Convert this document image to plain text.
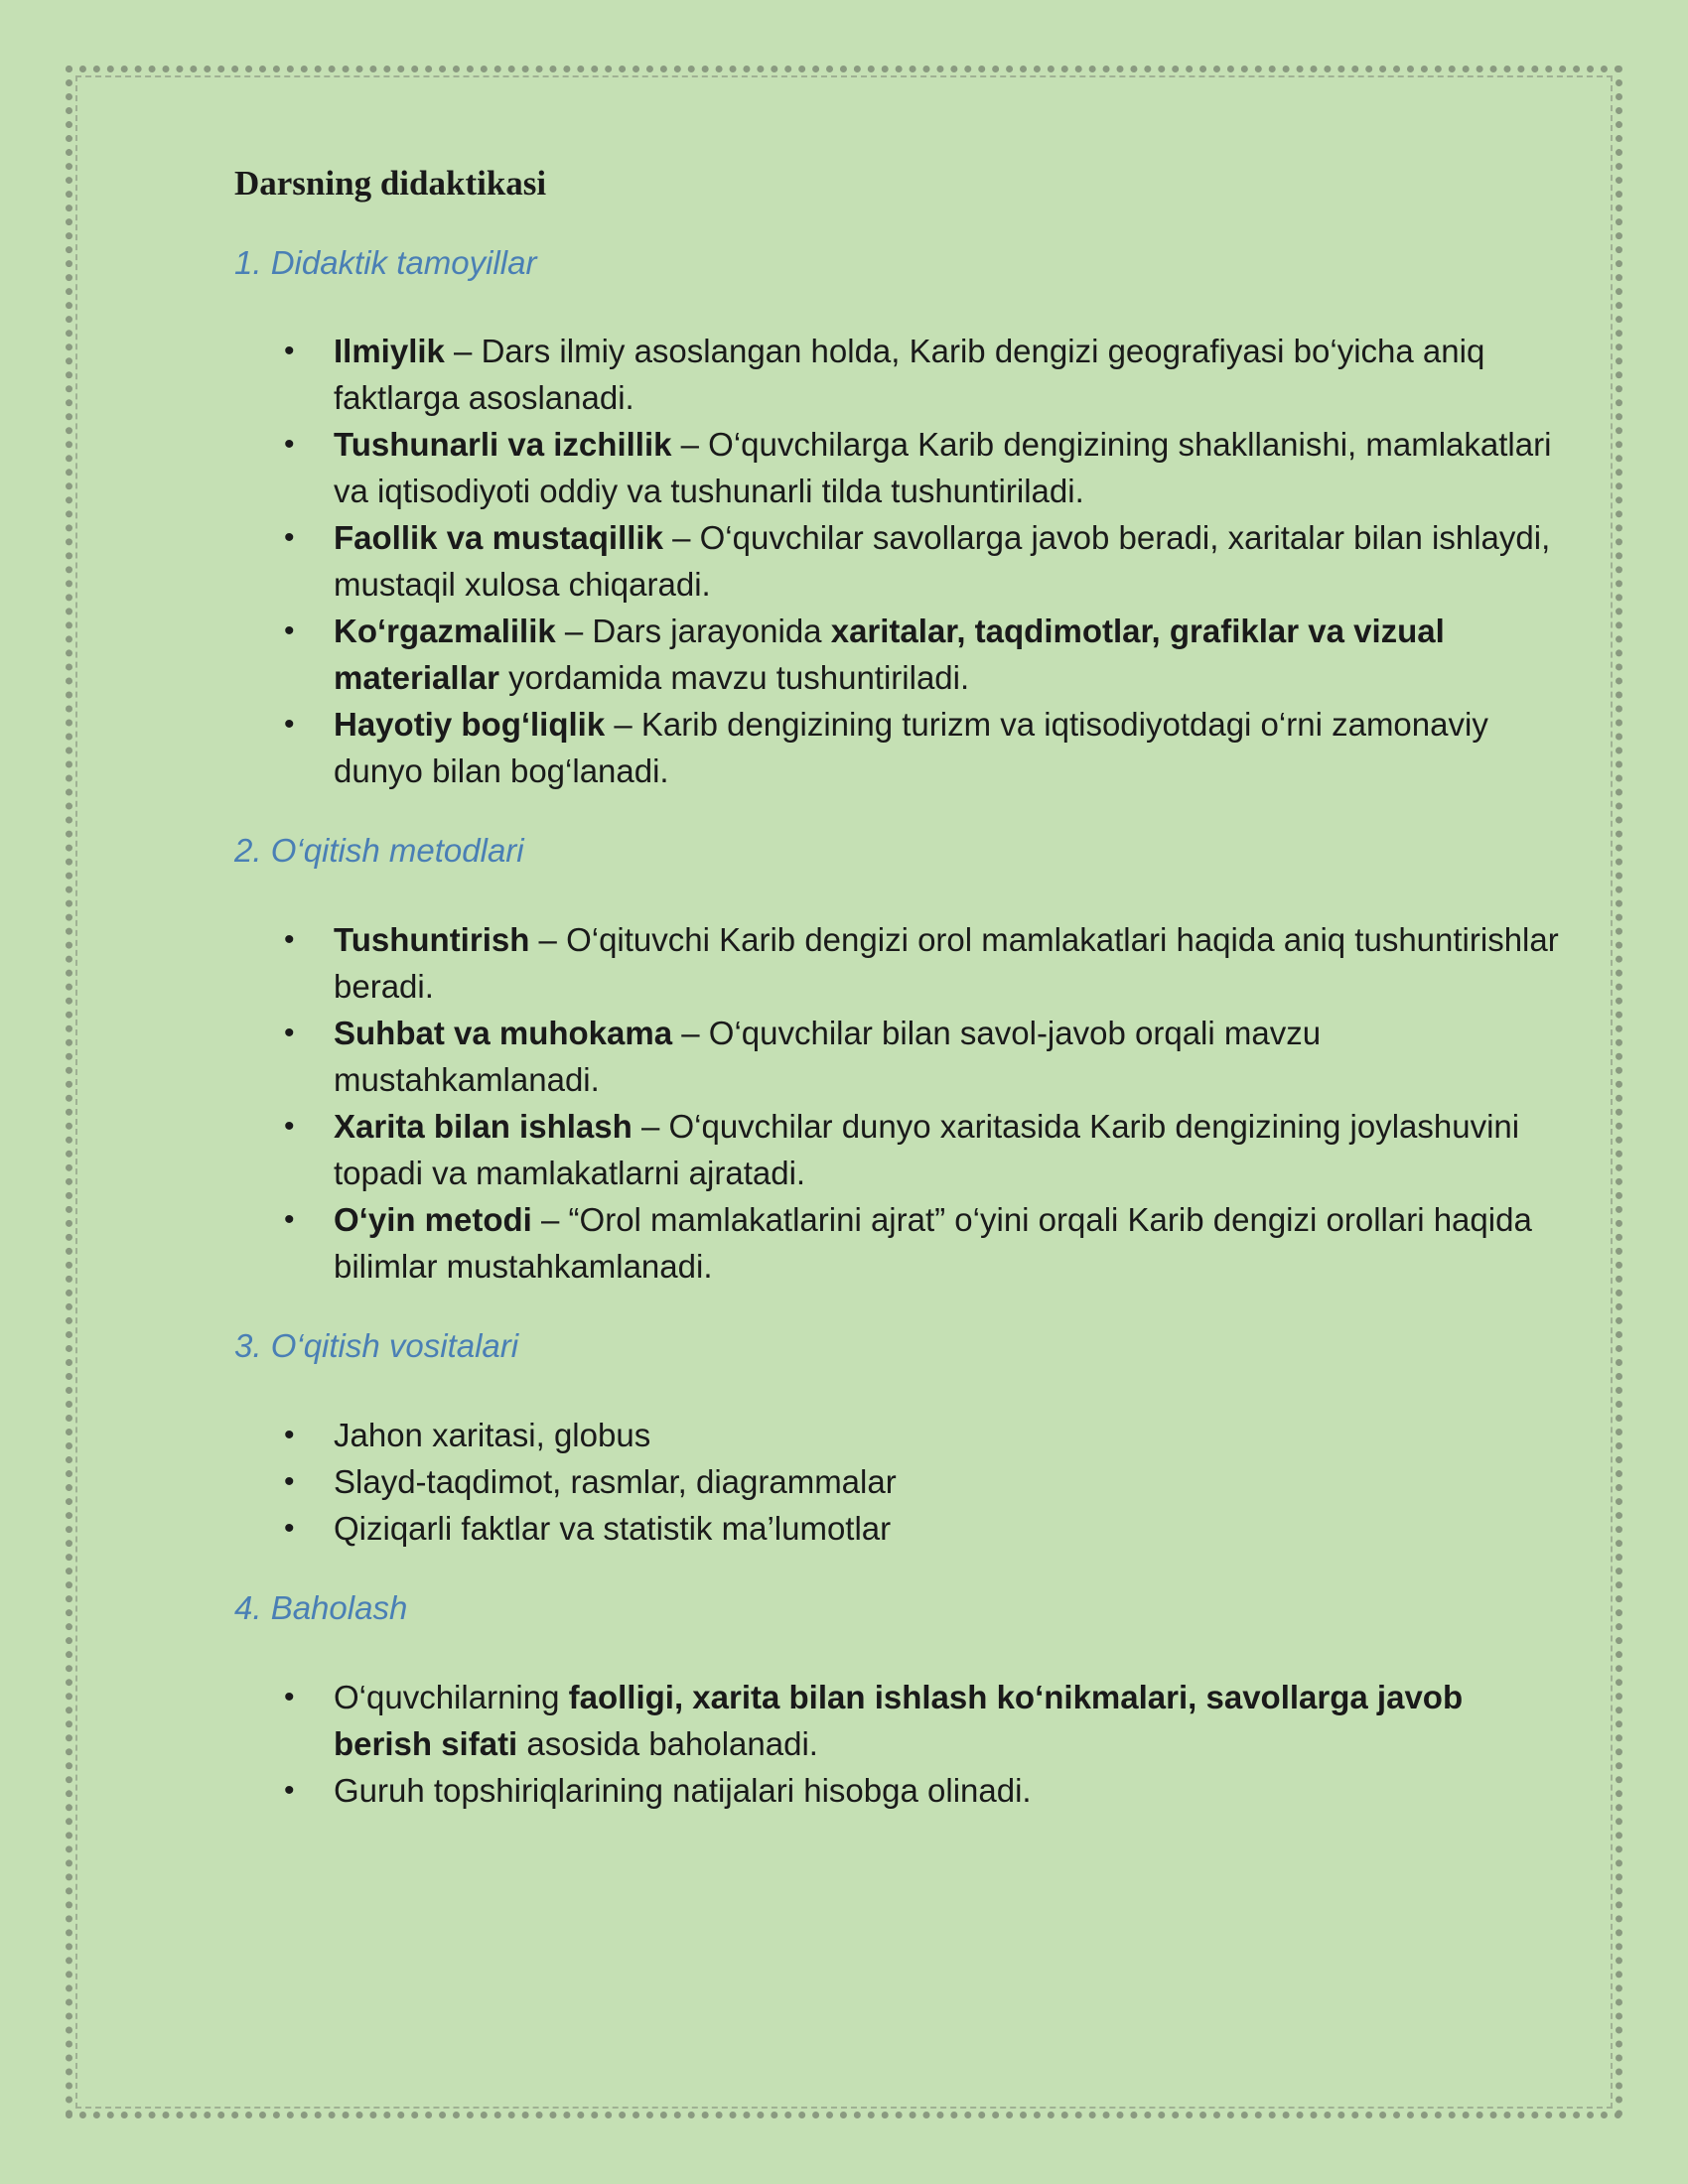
Darsning didaktikasi
1. Didaktik tamoyillar
• Ilmiylik – Dars ilmiy asoslangan holda, Karib dengizi geografiyasi bo‘yicha aniq faktlarga asoslanadi.
• Tushunarli va izchillik – O‘quvchilarga Karib dengizining shakllanishi, mamlakatlari va iqtisodiyoti oddiy va tushunarli tilda tushuntiriladi.
• Faollik va mustaqillik – O‘quvchilar savollarga javob beradi, xaritalar bilan ishlaydi, mustaqil xulosa chiqaradi.
• Ko‘rgazmalilik – Dars jarayonida xaritalar, taqdimotlar, grafiklar va vizual materiallar yordamida mavzu tushuntiriladi.
• Hayotiy bog‘liqlik – Karib dengizining turizm va iqtisodiyotdagi o‘rni zamonaviy dunyo bilan bog‘lanadi.
2. O‘qitish metodlari
• Tushuntirish – O‘qituvchi Karib dengizi orol mamlakatlari haqida aniq tushuntirishlar beradi.
• Suhbat va muhokama – O‘quvchilar bilan savol-javob orqali mavzu mustahkamlanadi.
• Xarita bilan ishlash – O‘quvchilar dunyo xaritasida Karib dengizining joylashuvini topadi va mamlakatlarni ajratadi.
• O‘yin metodi – “Orol mamlakatlarini ajrat” o‘yini orqali Karib dengizi orollari haqida bilimlar mustahkamlanadi.
3. O‘qitish vositalari
• Jahon xaritasi, globus
• Slayd-taqdimot, rasmlar, diagrammalar
• Qiziqarli faktlar va statistik ma’lumotlar
4. Baholash
• O‘quvchilarning faolligi, xarita bilan ishlash ko‘nikmalari, savollarga javob berish sifati asosida baholanadi.
• Guruh topshiriqlarining natijalari hisobga olinadi.
